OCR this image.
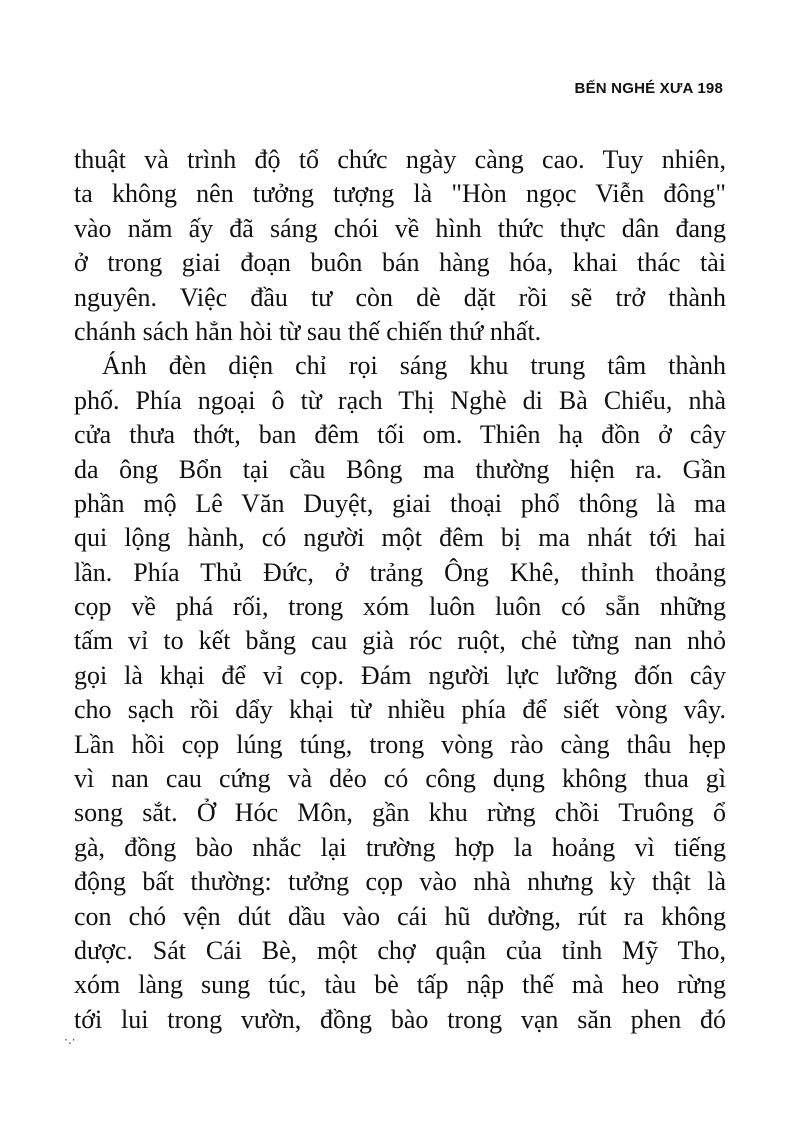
BẾN NGHÉ XƯA 198
thuật và trình độ tổ chức ngày càng cao. Tuy nhiên,
ta không nên tưởng tượng là "Hòn ngọc Viễn đông"
vào năm ấy đã sáng chói về hình thức thực dân đang
ở trong giai đoạn buôn bán hàng hóa, khai thác tài
nguyên. Việc đầu tư còn dè dặt rồi sẽ trở thành
chánh sách hẳn hòi từ sau thế chiến thứ nhất.
Ánh đèn diện chỉ rọi sáng khu trung tâm thành
phố. Phía ngoại ô từ rạch Thị Nghè di Bà Chiểu, nhà
cửa thưa thớt, ban đêm tối om. Thiên hạ đồn ở cây
da ông Bổn tại cầu Bông ma thường hiện ra. Gần
phần mộ Lê Văn Duyệt, giai thoại phổ thông là ma
qui lộng hành, có người một đêm bị ma nhát tới hai
lần. Phía Thủ Đức, ở trảng Ông Khê, thỉnh thoảng
cọp về phá rối, trong xóm luôn luôn có sẵn những
tấm vỉ to kết bằng cau già róc ruột, chẻ từng nan nhỏ
gọi là khại để vỉ cọp. Đám người lực lưỡng đốn cây
cho sạch rồi dẩy khại từ nhiều phía để siết vòng vây.
Lần hồi cọp lúng túng, trong vòng rào càng thâu hẹp
vì nan cau cứng và dẻo có công dụng không thua gì
song sắt. Ở Hóc Môn, gần khu rừng chồi Truông ổ
gà, đồng bào nhắc lại trường hợp la hoảng vì tiếng
động bất thường: tưởng cọp vào nhà nhưng kỳ thật là
con chó vện dút dầu vào cái hũ dường, rút ra không
dược. Sát Cái Bè, một chợ quận của tỉnh Mỹ Tho,
xóm làng sung túc, tàu bè tấp nập thế mà heo rừng
tới lui trong vườn, đồng bào trong vạn săn phen đó
·.·
